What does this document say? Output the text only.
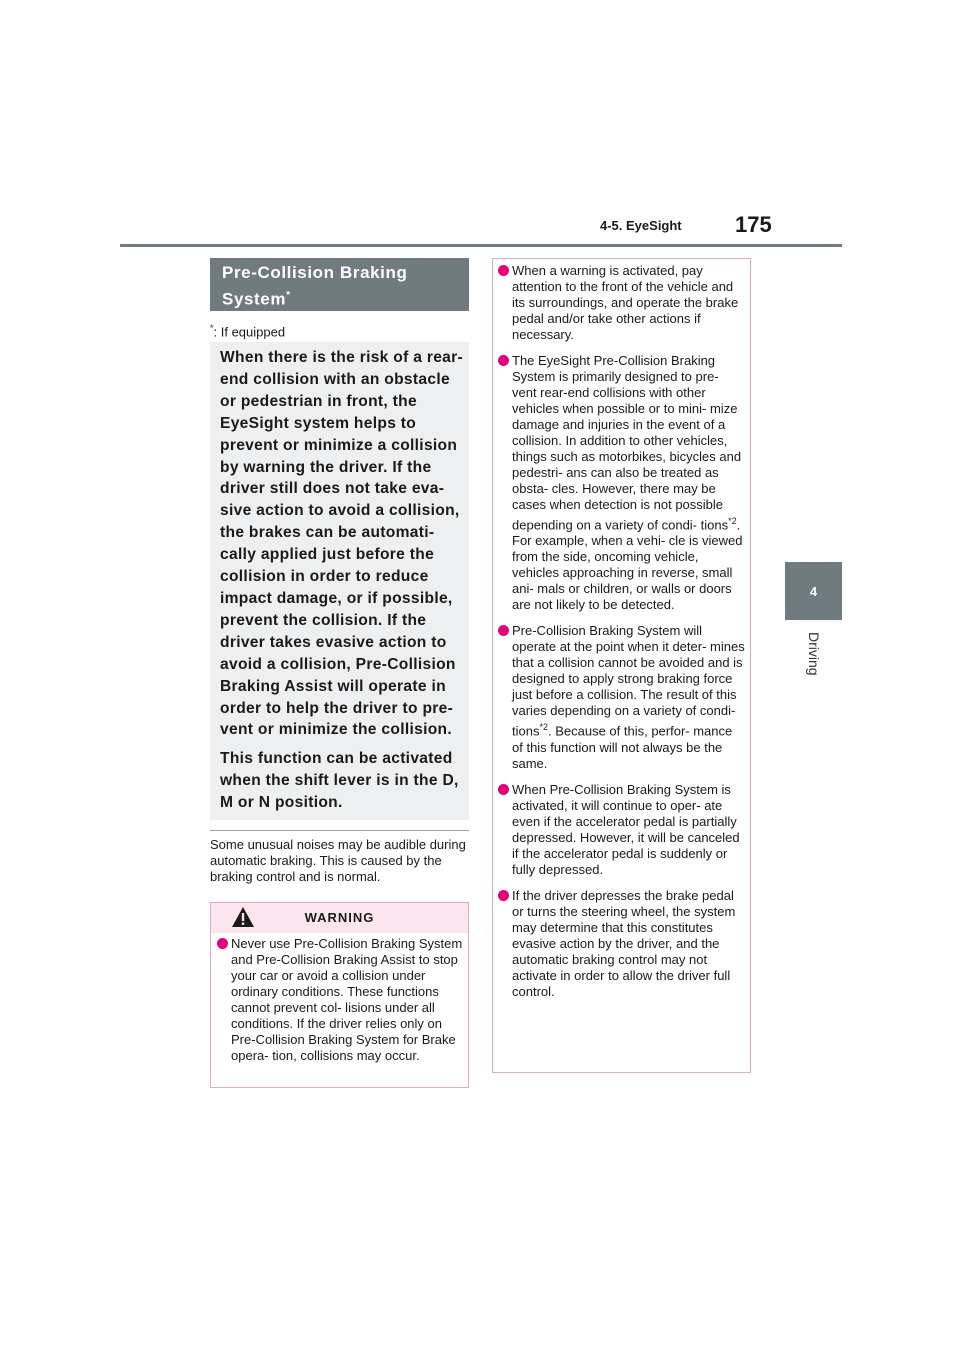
4-5. EyeSight 175
4
Driving
Pre-Collision Braking
System*
*: If equipped

When there is the risk of a rear-end collision with an obstacle or pedestrian in front, the EyeSight system helps to prevent or minimize a collision by warning the driver. If the driver still does not take eva- sive action to avoid a collision, the brakes can be automati- cally applied just before the collision in order to reduce impact damage, or if possible, prevent the collision. If the driver takes evasive action to avoid a collision, Pre-Collision Braking Assist will operate in order to help the driver to pre- vent or minimize the collision.

This function can be activated when the shift lever is in the D, M or N position.

Some unusual noises may be audible during automatic braking. This is caused by the braking control and is normal.
WARNING
Never use Pre-Collision Braking System and Pre-Collision Braking Assist to stop your car or avoid a collision under ordinary conditions. These functions cannot prevent col- lisions under all conditions. If the driver relies only on Pre-Collision Braking System for Brake opera- tion, collisions may occur.
When a warning is activated, pay attention to the front of the vehicle and its surroundings, and operate the brake pedal and/or take other actions if necessary.
The EyeSight Pre-Collision Braking System is primarily designed to pre- vent rear-end collisions with other vehicles when possible or to mini- mize damage and injuries in the event of a collision. In addition to other vehicles, things such as motorbikes, bicycles and pedestri- ans can also be treated as obsta- cles. However, there may be cases when detection is not possible depending on a variety of condi- tions$^{*2}$. For example, when a vehi- cle is viewed from the side, oncoming vehicle, vehicles approaching in reverse, small ani- mals or children, or walls or doors are not likely to be detected.
Pre-Collision Braking System will operate at the point when it deter- mines that a collision cannot be avoided and is designed to apply strong braking force just before a collision. The result of this varies depending on a variety of condi- tions$^{*2}$. Because of this, perfor- mance of this function will not always be the same.
When Pre-Collision Braking System is activated, it will continue to oper- ate even if the accelerator pedal is partially depressed. However, it will be canceled if the accelerator pedal is suddenly or fully depressed.
If the driver depresses the brake pedal or turns the steering wheel, the system may determine that this constitutes evasive action by the driver, and the automatic braking control may not activate in order to allow the driver full control.
